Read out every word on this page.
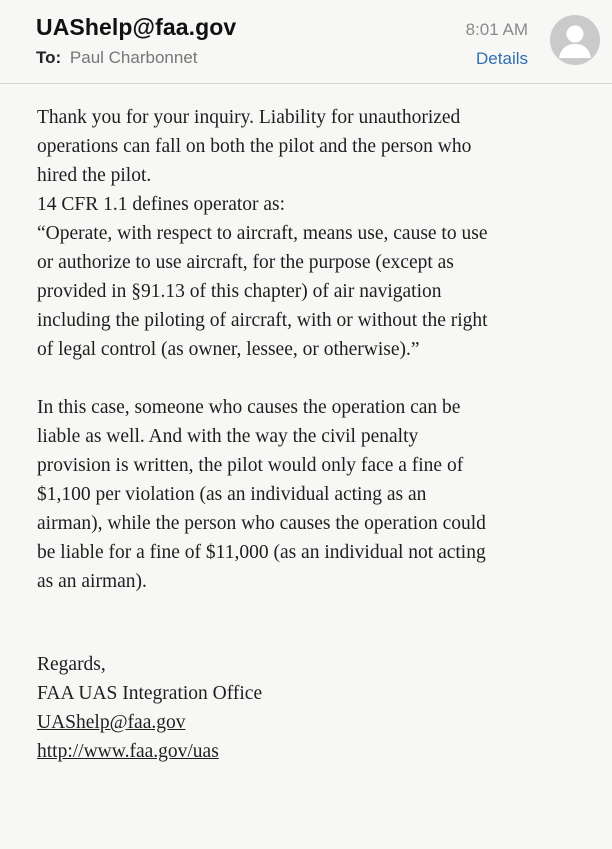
UAShelp@faa.gov
To: Paul Charbonnet
8:01 AM
Details

Thank you for your inquiry. Liability for unauthorized

operations can fall on both the pilot and the person who

hired the pilot.

14 CFR 1.1 defines operator as:

“Operate, with respect to aircraft, means use, cause to use

or authorize to use aircraft, for the purpose (except as

provided in §91.13 of this chapter) of air navigation

including the piloting of aircraft, with or without the right

of legal control (as owner, lessee, or otherwise).”

In this case, someone who causes the operation can be

liable as well. And with the way the civil penalty

provision is written, the pilot would only face a fine of

$1,100 per violation (as an individual acting as an

airman), while the person who causes the operation could

be liable for a fine of $11,000 (as an individual not acting

as an airman).

Regards,

FAA UAS Integration Office

UAShelp@faa.gov

http://www.faa.gov/uas
